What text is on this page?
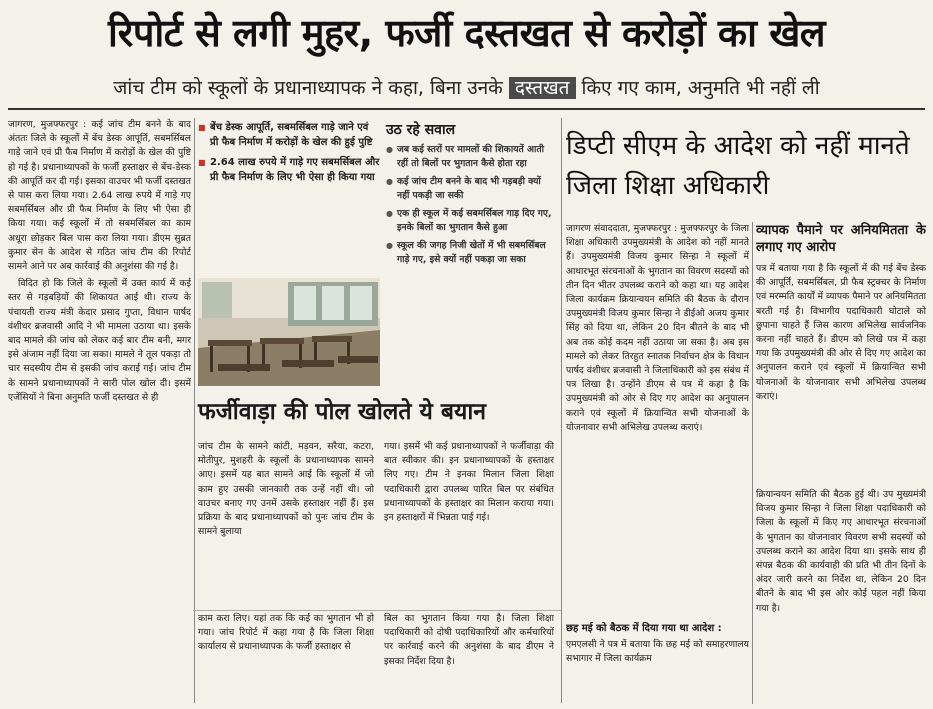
रिपोर्ट से लगी मुहर, फर्जी दस्तखत से करोड़ों का खेल
जांच टीम को स्कूलों के प्रधानाध्यापक ने कहा, बिना उनके दस्तखत किए गए काम, अनुमति भी नहीं ली

जागरण, मुजफ्फरपुर : कई जांच टीम बनने के बाद अंततः जिले के स्कूलों में बेंच डेस्क आपूर्ति, सबमर्सिबल गाड़े जाने एवं प्री फैब निर्माण में करोड़ों के खेल की पुष्टि हो गई है। प्रधानाध्यापकों के फर्जी हस्ताक्षर से बेंच-डेस्क की आपूर्ति कर दी गई। इसका वाउचर भी फर्जी दस्तखत से पास करा लिया गया। 2.64 लाख रुपये में गाड़े गए सबमर्सिबल और प्री फैब निर्माण के लिए भी ऐसा ही किया गया। कई स्कूलों में तो सबमर्सिबल का काम अधूरा छोड़कर बिल पास करा लिया गया। डीएम सुब्रत कुमार सेन के आदेश से गठित जांच टीम की रिपोर्ट सामने आने पर अब कार्रवाई की अनुशंसा की गई है।

विदित हो कि जिले के स्कूलों में उक्त कार्य में कई स्तर से गड़बड़ियों की शिकायत आई थी। राज्य के पंचायती राज्य मंत्री केदार प्रसाद गुप्ता, विधान पार्षद वंशीधर ब्रजवासी आदि ने भी मामला उठाया था। इसके बाद मामले की जांच को लेकर कई बार टीम बनी, मगर इसे अंजाम नहीं दिया जा सका। मामले ने तूल पकड़ा तो चार सदस्यीय टीम से इसकी जांच कराई गई। जांच टीम के सामने प्रधानाध्यापकों ने सारी पोल खोल दी। इसमें एजेंसियों ने बिना अनुमति फर्जी दस्तखत से ही

■ बेंच डेस्क आपूर्ति, सबमर्सिबल गाड़े जाने एवं प्री फैब निर्माण में करोड़ों के खेल की हुई पुष्टि
■ 2.64 लाख रुपये में गाड़े गए सबमर्सिबल और प्री फैब निर्माण के लिए भी ऐसा ही किया गया
उठ रहे सवाल
● जब कई स्तरों पर मामलों की शिकायतें आती रहीं तो बिलों पर भुगतान कैसे होता रहा
● कई जांच टीम बनने के बाद भी गड़बड़ी क्यों नहीं पकड़ी जा सकी
● एक ही स्कूल में कई सबमर्सिबल गाड़ दिए गए, इनके बिलों का भुगतान कैसे हुआ
● स्कूल की जगह निजी खेतों में भी सबमर्सिबल गाड़े गए, इसे क्यों नहीं पकड़ा जा सका
फर्जीवाड़ा की पोल खोलते ये बयान

जांच टीम के सामने कांटी, मड़वन, सरैया, कटरा, मोतीपुर, मुशहरी के स्कूलों के प्रधानाध्यापक सामने आए। इसमें यह बात सामने आई कि स्कूलों में जो काम हुए उसकी जानकारी तक उन्हें नहीं थी। जो वाउचर बनाए गए उनमें उसके हस्ताक्षर नहीं हैं। इस प्रक्रिया के बाद प्रधानाध्यापकों को पुनः जांच टीम के सामने बुलाया

गया। इसमें भी कई प्रधानाध्यापकों ने फर्जीवाड़ा की बात स्वीकार की। इन प्रधानाध्यापकों के हस्ताक्षर लिए गए। टीम ने इनका मिलान जिला शिक्षा पदाधिकारी द्वारा उपलब्ध पारित बिल पर संबंधित प्रधानाध्यापकों के हस्ताक्षर का मिलान कराया गया। इन हस्ताक्षरों में भिन्नता पाई गई।

काम करा लिए। यहां तक कि कई का भुगतान भी हो गया। जांच रिपोर्ट में कहा गया है कि जिला शिक्षा कार्यालय से प्रधानाध्यापक के फर्जी हस्ताक्षर से

बिल का भुगतान किया गया है। जिला शिक्षा पदाधिकारी को दोषी पदाधिकारियों और कर्मचारियों पर कार्रवाई करने की अनुशंसा के बाद डीएम ने इसका निर्देश दिया है।

डिप्टी सीएम के आदेश को नहीं मानते जिला शिक्षा अधिकारी

जागरण संवाददाता, मुजफ्फरपुर : मुजफ्फरपुर के जिला शिक्षा अधिकारी उपमुख्यमंत्री के आदेश को नहीं मानते हैं। उपमुख्यमंत्री विजय कुमार सिन्हा ने स्कूलों में आधारभूत संरचनाओं के भुगतान का विवरण सदस्यों को तीन दिन भीतर उपलब्ध कराने को कहा था। यह आदेश जिला कार्यक्रम क्रियान्वयन समिति की बैठक के दौरान उपमुख्यमंत्री विजय कुमार सिन्हा ने डीईओ अजय कुमार सिंह को दिया था, लेकिन 20 दिन बीतने के बाद भी अब तक कोई कदम नहीं उठाया जा सका है। अब इस मामले को लेकर तिरहुत स्नातक निर्वाचन क्षेत्र के विधान पार्षद वंशीधर ब्रजवासी ने जिलाधिकारी को इस संबंध में पत्र लिखा है। उन्होंने डीएम से पत्र में कहा है कि उपमुख्यमंत्री को ओर से दिए गए आदेश का अनुपालन कराने एवं स्कूलों में क्रियान्वित सभी योजनाओं के योजनावार सभी अभिलेख उपलब्ध कराएं।

व्यापक पैमाने पर अनियमितता के लगाए गए आरोप

पत्र में बताया गया है कि स्कूलों में की गई बेंच डेस्क की आपूर्ति, सबमर्सिबल, प्री फैब स्ट्रक्चर के निर्माण एवं मरम्मति कार्यों में व्यापक पैमाने पर अनियमितता बरती गई है। विभागीय पदाधिकारी घोटाले को छुपाना चाहते हैं जिस कारण अभिलेख सार्वजनिक करना नहीं चाहते हैं। डीएम को लिखे पत्र में कहा गया कि उपमुख्यमंत्री की ओर से दिए गए आदेश का अनुपालन कराने एवं स्कूलों में क्रियान्वित सभी योजनाओं के योजनावार सभी अभिलेख उपलब्ध कराएं।

क्रियान्वयन समिति की बैठक हुई थी। उप मुख्यमंत्री विजय कुमार सिन्हा ने जिला शिक्षा पदाधिकारी को जिला के स्कूलों में किए गए आधारभूत संरचनाओं के भुगतान का योजनावार विवरण सभी सदस्यों को उपलब्ध कराने का आदेश दिया था। इसके साथ ही संपन्न बैठक की कार्यवाही की प्रति भी तीन दिनों के अंदर जारी करने का निर्देश था, लेकिन 20 दिन बीतने के बाद भी इस ओर कोई पहल नहीं किया गया है।

छह मई को बैठक में दिया गया था आदेश :

एमएलसी ने पत्र में बताया कि छह मई को समाहरणालय सभागार में जिला कार्यक्रम
